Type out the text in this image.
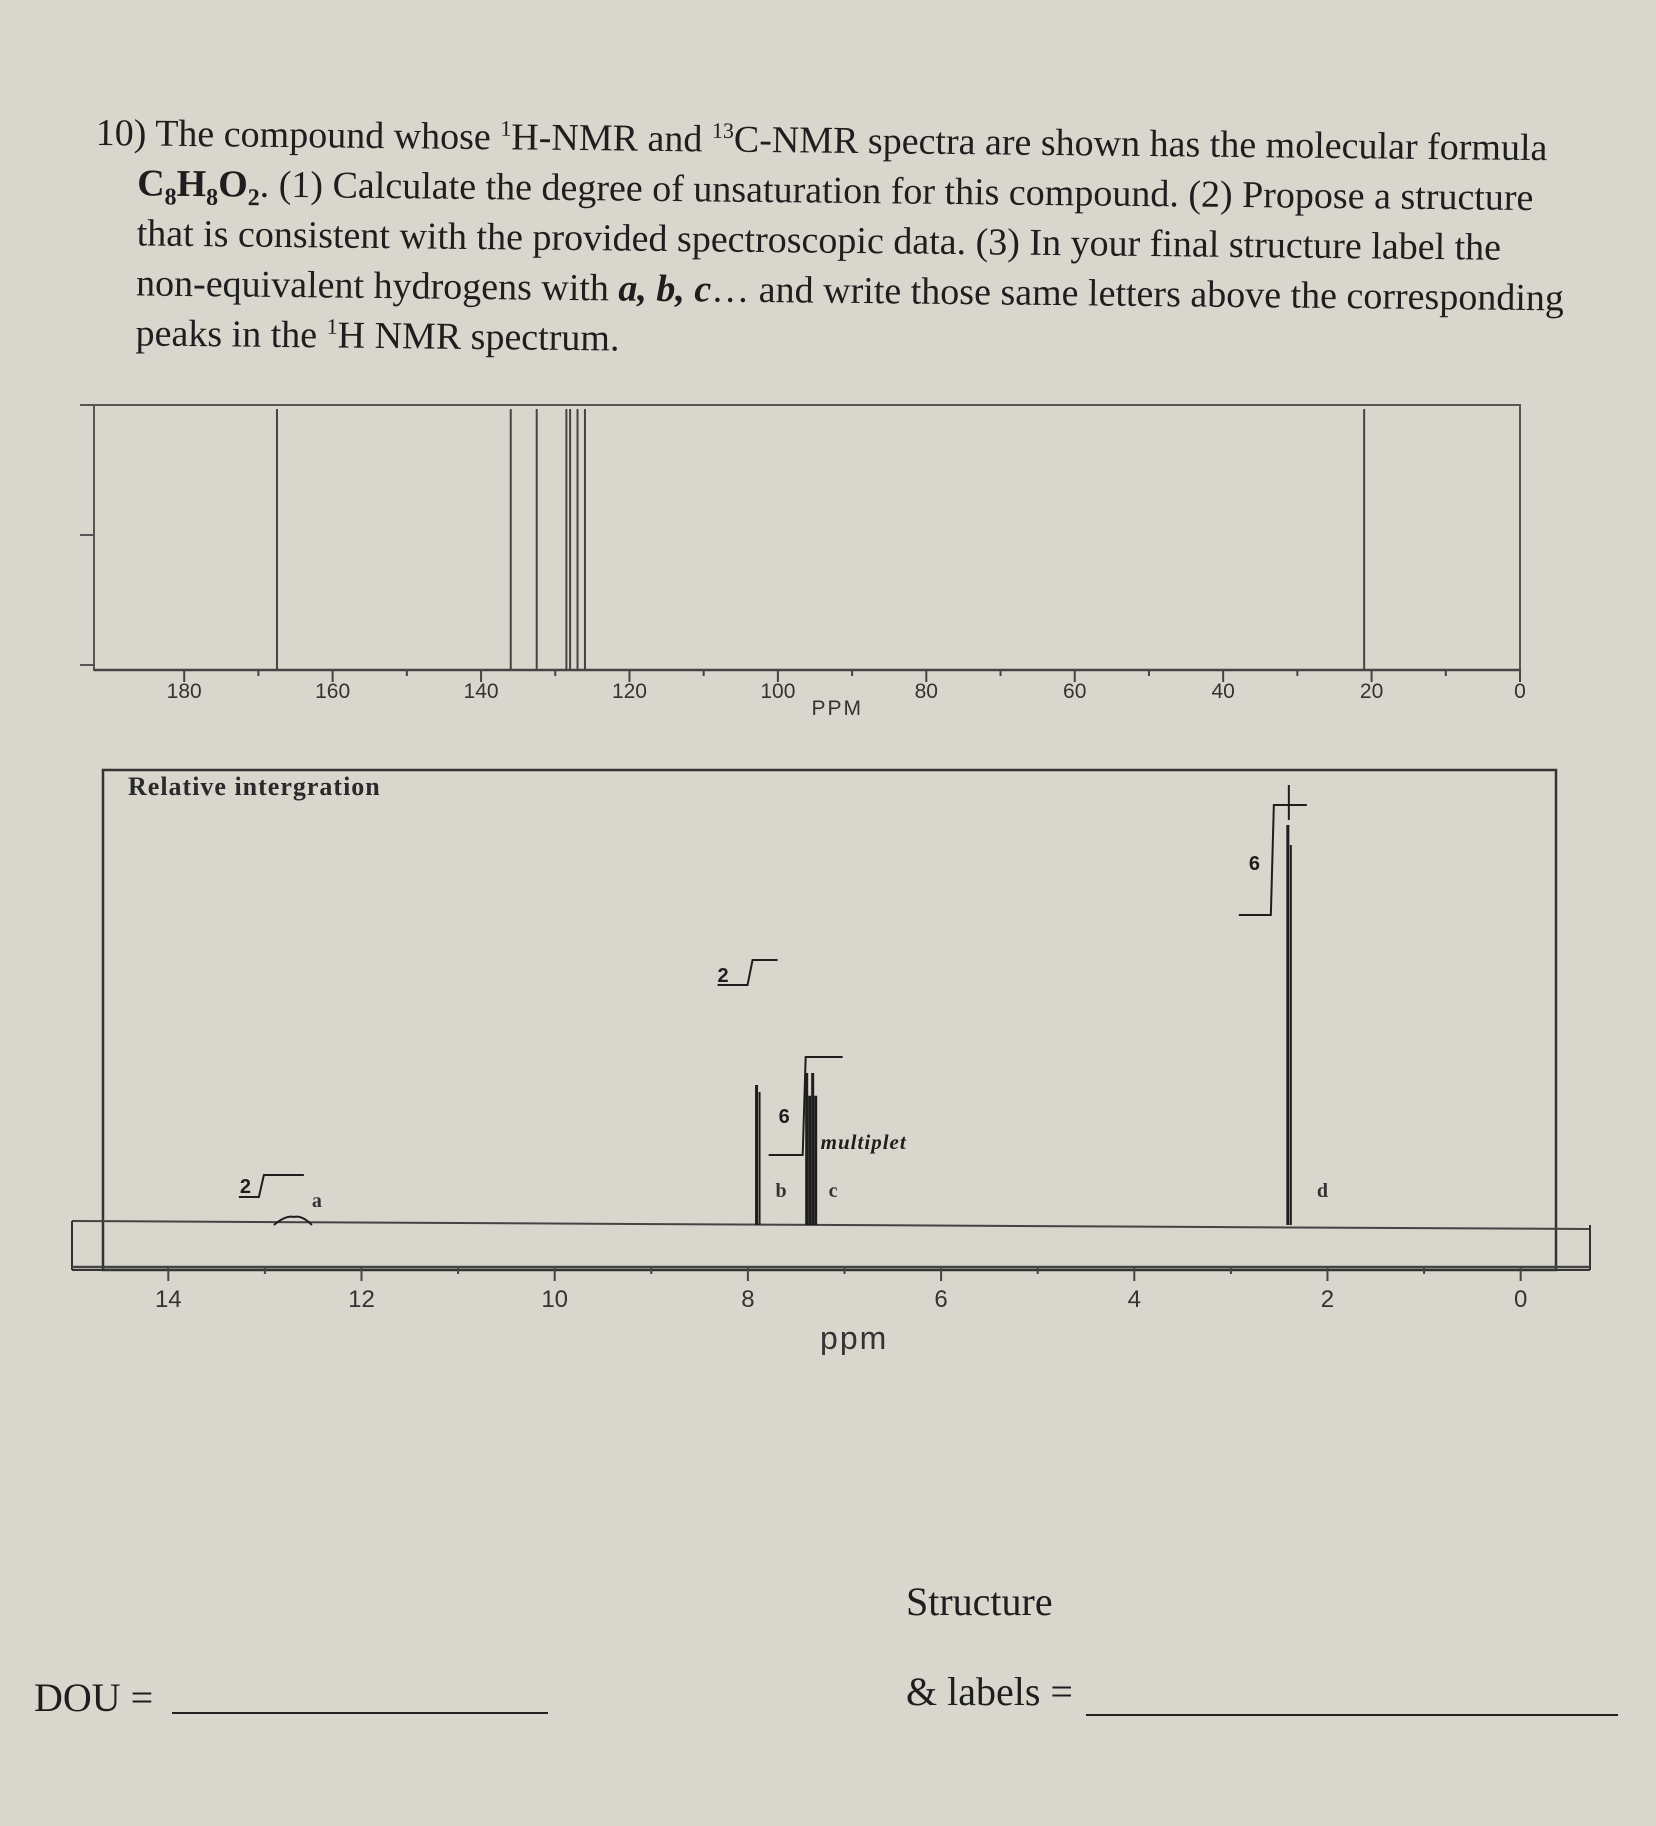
10) The compound whose $^1$H-NMR and $^{13}$C-NMR spectra are shown has the molecular formula
$C_8H_8O_2$. (1) Calculate the degree of unsaturation for this compound. (2) Propose a structure
that is consistent with the provided spectroscopic data. (3) In your final structure label the
non-equivalent hydrogens with a, b, c… and write those same letters above the corresponding
peaks in the $^1$H NMR spectrum.
180	160	140	120	100	80	60	40	20	0
PPM
Relative intergration
a	b c	d
2
2
6
multiplet
6
14	12	10	8	6	4	2	0
ppm
Structure
DOU =	& labels =
